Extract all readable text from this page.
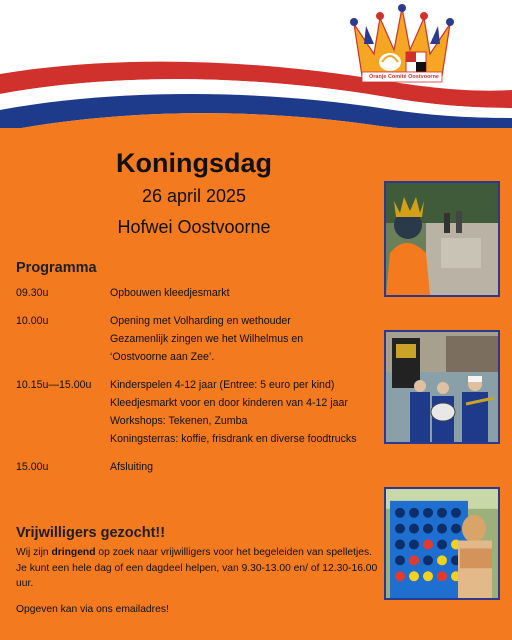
Oranje Comité Oostvoorne
Koningsdag
26 april 2025
Hofwei Oostvoorne
Programma
09.30u	Opbouwen kleedjesmarkt
10.00u	Opening met Volharding en wethouder
Gezamenlijk zingen we het Wilhelmus en
‘Oostvoorne aan Zee’.
10.15u—15.00u	Kinderspelen 4-12 jaar (Entree: 5 euro per kind)
Kleedjesmarkt voor en door kinderen van 4-12 jaar
Workshops: Tekenen, Zumba
Koningsterras: koffie, frisdrank en diverse foodtrucks
15.00u	Afsluiting
Vrijwilligers gezocht!!
Wij zijn dringend op zoek naar vrijwilligers voor het begeleiden van spelletjes. Je kunt een hele dag of een dagdeel helpen, van 9.30-13.00 en/ of 12.30-16.00 uur.
Opgeven kan via ons emailadres!
